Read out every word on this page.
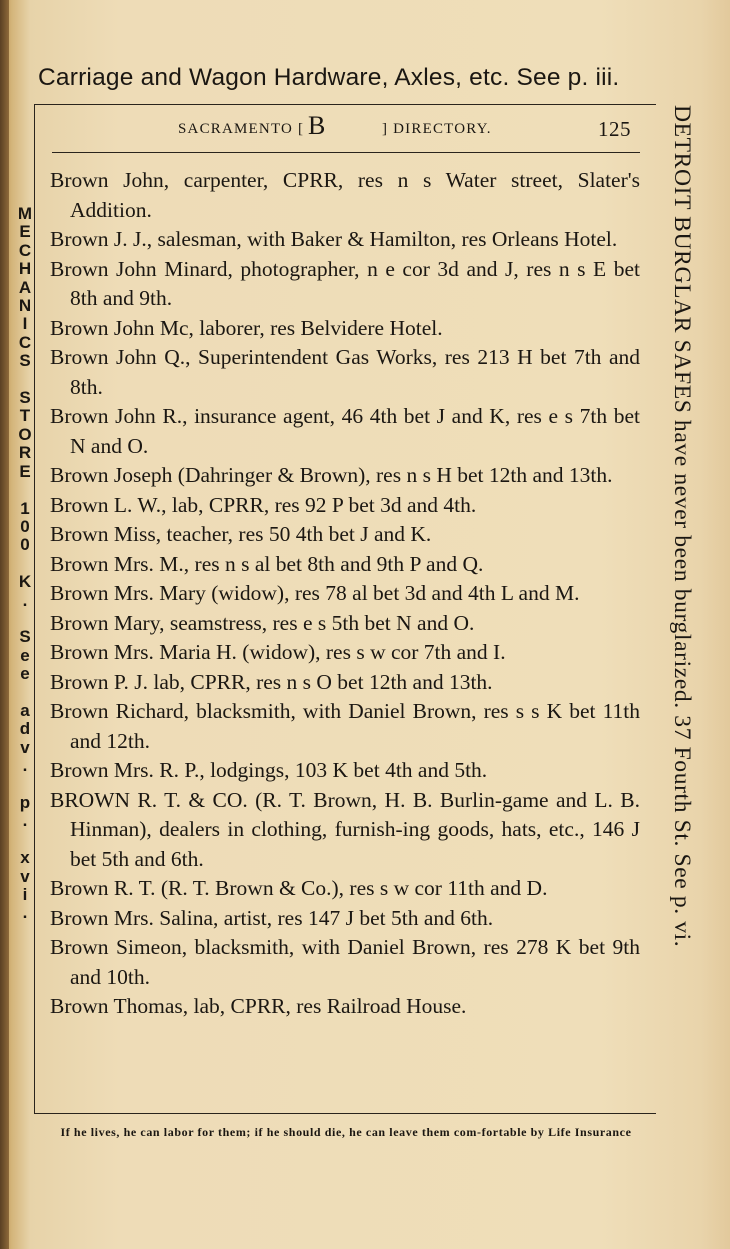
Carriage and Wagon Hardware, Axles, etc. See p. iii.
SACRAMENTO [ B	] DIRECTORY.	125
Brown John, carpenter, CPRR, res n s Water street, Slater's Addition.
Brown J. J., salesman, with Baker & Hamilton, res Orleans Hotel.
Brown John Minard, photographer, n e cor 3d and J, res n s E bet 8th and 9th.
Brown John Mc, laborer, res Belvidere Hotel.
Brown John Q., Superintendent Gas Works, res 213 H bet 7th and 8th.
Brown John R., insurance agent, 46 4th bet J and K, res e s 7th bet N and O.
Brown Joseph (Dahringer & Brown), res n s H bet 12th and 13th.
Brown L. W., lab, CPRR, res 92 P bet 3d and 4th.
Brown Miss, teacher, res 50 4th bet J and K.
Brown Mrs. M., res n s al bet 8th and 9th P and Q.
Brown Mrs. Mary (widow), res 78 al bet 3d and 4th L and M.
Brown Mary, seamstress, res e s 5th bet N and O.
Brown Mrs. Maria H. (widow), res s w cor 7th and I.
Brown P. J. lab, CPRR, res n s O bet 12th and 13th.
Brown Richard, blacksmith, with Daniel Brown, res s s K bet 11th and 12th.
Brown Mrs. R. P., lodgings, 103 K bet 4th and 5th.
BROWN R. T. & CO. (R. T. Brown, H. B. Burlin-game and L. B. Hinman), dealers in clothing, furnish-ing goods, hats, etc., 146 J bet 5th and 6th.
Brown R. T. (R. T. Brown & Co.), res s w cor 11th and D.
Brown Mrs. Salina, artist, res 147 J bet 5th and 6th.
Brown Simeon, blacksmith, with Daniel Brown, res 278 K bet 9th and 10th.
Brown Thomas, lab, CPRR, res Railroad House.
M
E
C
H
A
N
I
C
S

S
T
O
R
E

1
0
0

K
.

S
e
e

a
d
v
.

p
.

x
v
i
.	DETROIT BURGLAR SAFES have never been burglarized. 37 Fourth St. See p. vi.
If he lives, he can labor for them; if he should die, he can leave them com-fortable by Life Insurance
